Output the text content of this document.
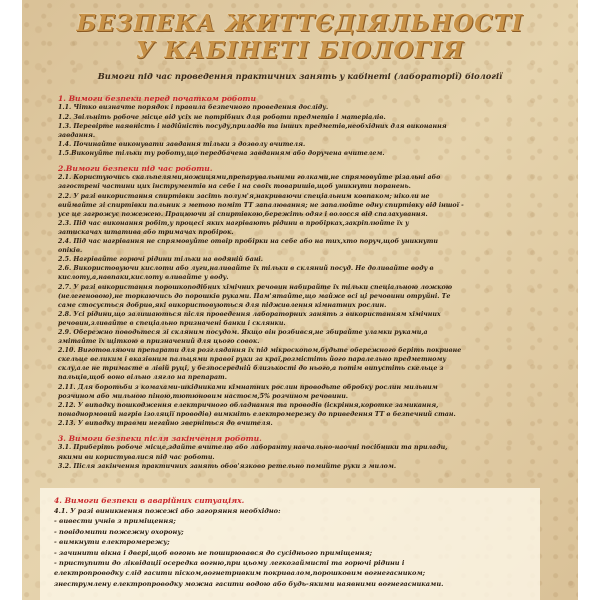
БЕЗПЕКА ЖИТТЄДІЯЛЬНОСТІ
У КАБІНЕТІ БІОЛОГІЯ

Вимоги під час проведення практичних занять у кабінеті (лабораторії) біології

1. Вимоги безпеки перед початком роботи

1.1. Чітко визначте порядок і правила безпечного проведення досліду.

1.2. Звільніть робоче місце від усіх не потрібних для роботи предметів і матеріалів.

1.3. Перевірте наявність і надійність посуду,приладів та інших предметів,необхідних для виконання

завдання.

1.4. Починайте виконувати завдання тільки з дозволу вчителя.

1.5.Виконуйте тільки ту роботу,що передбачена завданням або доручена вчителем.

2.Вимоги безпеки під час роботи.

2.1. Користуючись скальпелями,ножицями,препарувальними голками,не спрямовуйте різальні або

загострені частини цих інструментів на себе і на своїх товаришів,щоб уникнути поранень.

2.2. У разі використання спиртівки засіть полум'я,накриваючи спеціальним ковпаком; ніколи не

виймайте зі спиртівки пальник з метою поміт ТТ запалювання; не запалюйте одну спиртівку від іншої -

усе це загрожує пожежею. Працюючи зі спиртівкою,бережіть одяг і волосся від спалахування.

2.3. Під час виконання робіт,у процесі яких нагрівають рідини в пробірках,закріплюйте їх у

затискачах штатива або тримачах пробірок.

2.4. Під час нагрівання не спрямовуйте отвір пробірки на себе або на тих,хто поруч,щоб уникнути

опіків.

2.5. Нагрівайте горючі рідини тільки на водяній бані.

2.6. Використовуючи кислоти або луги,наливайте їх тільки в скляний посуд. Не доливайте воду в

кислоту,а,навпаки,кислоту вливайте у воду.

2.7. У разі використання порошкоподібних хімічних речовин набирайте їх тільки спеціальною ложкою

(нелегеновою),не торкаючись до порошків руками. Пам'ятайте,що майже всі ці речовини отруйні. Те

саме стосується добрив,які використовуються для підживлення кімнатних рослин.

2.8. Усі рідини,що залишаються після проведення лабораторних занять з використанням хімічних

речовин,зливайте в спеціально призначені банки і склянки.

2.9. Обережно поводьтеся зі скляним посудом. Якщо він розбився,не збирайте уламки руками,а

змітайте їх щіткою в призначений для цього совок.

2.10. Виготовляючи препарати для розглядання їх під мікроскопом,будьте обережного беріть покривне

скельце великим і вказівним пальцями правої руки за краї,розмістіть його паралельно предметному

склу,але не тримаєте в лівій руці, у безпосередній близькості до нього,а потім випустіть скельце з

пальців,щоб воно вільно лягло на препарат.

2.11. Для боротьби з комахами-шкідниками кімнатних рослин проводьте обробку рослин мильним

розчином або мильною піною,тютюновим настоєм,5% розчином речовини.

2.12. У випадку пошкодження електричного обладнання та проводів (іскріння,коротке замикання,

понаднормовий нагрів ізоляції проводів) вимкніть електромережу до приведення ТТ в безпечний стан.

2.13. У випадку травми негайно зверніться до вчителя.

3. Вимоги безпеки після закінчення роботи.

3.1. Приберіть робоче місце,здайте вчителю або лаборанту навчально-наочні посібники та прилади,

якими ви користувалися під час роботи.

3.2. Після закінчення практичних занять обов'язково ретельно помийте руки з милом.

4. Вимоги безпеки в аварійних ситуаціях.

4.1. У разі виникнення пожежі або загоряння необхідно:

- вивести учнів з приміщення;

- повідомити пожежну охорону;

- вимкнути електромережу;

- зачинити вікна і двері,щоб вогонь не поширювався до сусіднього приміщення;

- приступити до ліквідації осередка вогню,при цьому легкозаймисті та горючі рідини і

електропроводку слід гасити піском,вогнетривким покривалом,порошковим вогнегасником;

знеструмлену електропроводку можна гасити водою або будь-якими наявними вогнегасниками.
